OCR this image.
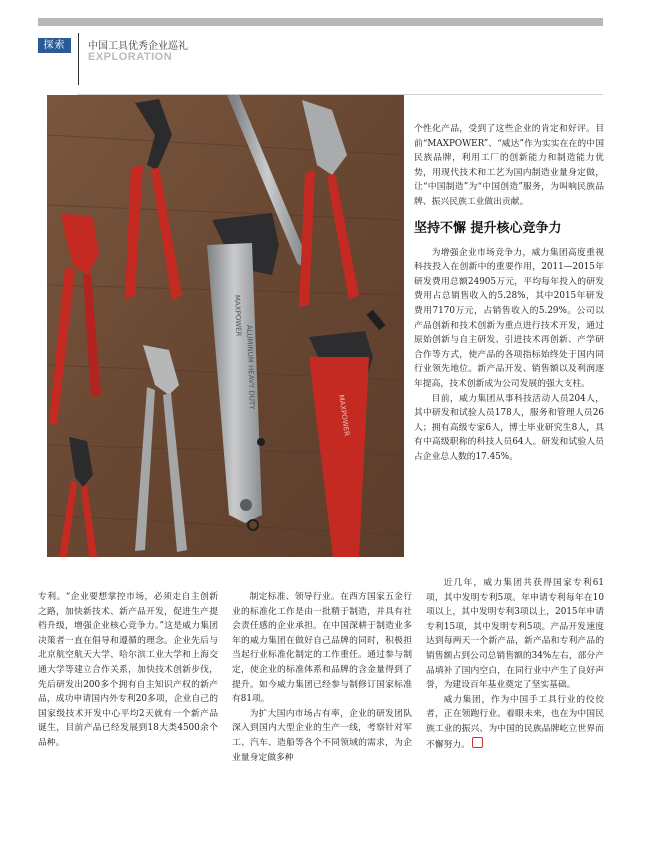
探索	中国工具优秀企业巡礼
EXPLORATION
MAXPOWER
ALUMINUM HEAVY DUTY
MAXPOWER

个性化产品，受到了这些企业的肯定和好评。目前“MAXPOWER”、“威达”作为实实在在的中国民族品牌，利用工厂的创新能力和制造能力优势，用现代技术和工艺为国内制造业量身定做，让“中国制造”为“中国创造”服务，为叫响民族品牌、振兴民族工业做出贡献。

坚持不懈 提升核心竞争力

为增强企业市场竞争力，威力集团高度重视科技投入在创新中的重要作用，2011—2015年研发费用总额24905万元，平均每年投入的研发费用占总销售收入的5.28%，其中2015年研发费用7170万元，占销售收入的5.29%。公司以产品创新和技术创新为重点进行技术开发，通过原始创新与自主研发、引进技术再创新、产学研合作等方式，使产品的各项指标始终处于国内同行业领先地位。新产品开发、销售额以及利润逐年提高，技术创新成为公司发展的强大支柱。

目前，威力集团从事科技活动人员204人，其中研发和试验人员178人，服务和管理人员26人；拥有高级专家6人，博士毕业研究生8人，具有中高级职称的科技人员64人。研发和试验人员占企业总人数的17.45%。

专利。“企业要想掌控市场，必须走自主创新之路，加快新技术、新产品开发，促进生产提档升级，增强企业核心竞争力。”这是威力集团决策者一直在倡导和遵循的理念。企业先后与北京航空航天大学、哈尔滨工业大学和上海交通大学等建立合作关系，加快技术创新步伐，先后研发出200多个拥有自主知识产权的新产品，成功申请国内外专利20多项，企业自己的国家级技术开发中心平均2天就有一个新产品诞生，目前产品已经发展到18大类4500余个品种。

制定标准、领导行业。在西方国家五金行业的标准化工作是由一批精于制造，并具有社会责任感的企业承担。在中国深耕于制造业多年的威力集团在做好自己品牌的同时，积极担当起行业标准化制定的工作重任。通过参与制定，使企业的标准体系和品牌的含金量得到了提升。如今威力集团已经参与制修订国家标准有81项。

为扩大国内市场占有率，企业的研发团队深入到国内大型企业的生产一线，考察针对军工、汽车、造船等各个不同领域的需求，为企业量身定做多种

近几年，威力集团共获得国家专利61项，其中发明专利5项。年申请专利每年在10项以上，其中发明专利3项以上，2015年申请专利15项，其中发明专利5项。产品开发速度达到每两天一个新产品，新产品和专利产品的销售额占到公司总销售额的34%左右，部分产品填补了国内空白，在同行业中产生了良好声誉，为建设百年基业奠定了坚实基础。

威力集团，作为中国手工具行业的佼佼者，正在领跑行业。着眼未来，也在为中国民族工业的振兴、为中国的民族品牌屹立世界而不懈努力。
